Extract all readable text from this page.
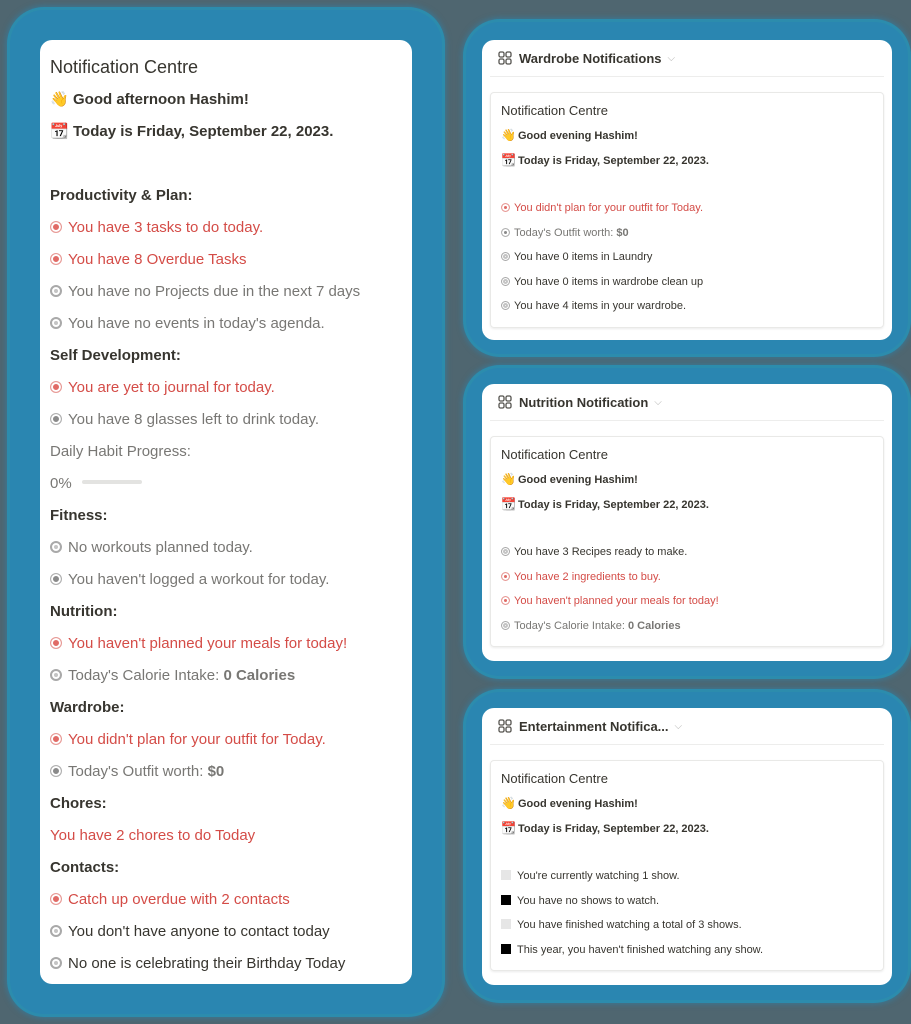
Notification Centre
👋 Good afternoon Hashim!
📆 Today is Friday, September 22, 2023.
Productivity & Plan:
You have 3 tasks to do today.
You have 8 Overdue Tasks
You have no Projects due in the next 7 days
You have no events in today's agenda.
Self Development:
You are yet to journal for today.
You have 8 glasses left to drink today.
Daily Habit Progress:
0%
Fitness:
No workouts planned today.
You haven't logged a workout for today.
Nutrition:
You haven't planned your meals for today!
Today's Calorie Intake: 0 Calories
Wardrobe:
You didn't plan for your outfit for Today.
Today's Outfit worth: $0
Chores:
You have 2 chores to do Today
Contacts:
Catch up overdue with 2 contacts
You don't have anyone to contact today
No one is celebrating their Birthday Today
Wardrobe Notifications ⌵
Notification Centre
👋 Good evening Hashim!
📆 Today is Friday, September 22, 2023.
You didn't plan for your outfit for Today.
Today's Outfit worth: $0
You have 0 items in Laundry
You have 0 items in wardrobe clean up
You have 4 items in your wardrobe.
Nutrition Notification ⌵
Notification Centre
👋 Good evening Hashim!
📆 Today is Friday, September 22, 2023.
You have 3 Recipes ready to make.
You have 2 ingredients to buy.
You haven't planned your meals for today!
Today's Calorie Intake: 0 Calories
Entertainment Notifica... ⌵
Notification Centre
👋 Good evening Hashim!
📆 Today is Friday, September 22, 2023.
You're currently watching 1 show.
You have no shows to watch.
You have finished watching a total of 3 shows.
This year, you haven't finished watching any show.
